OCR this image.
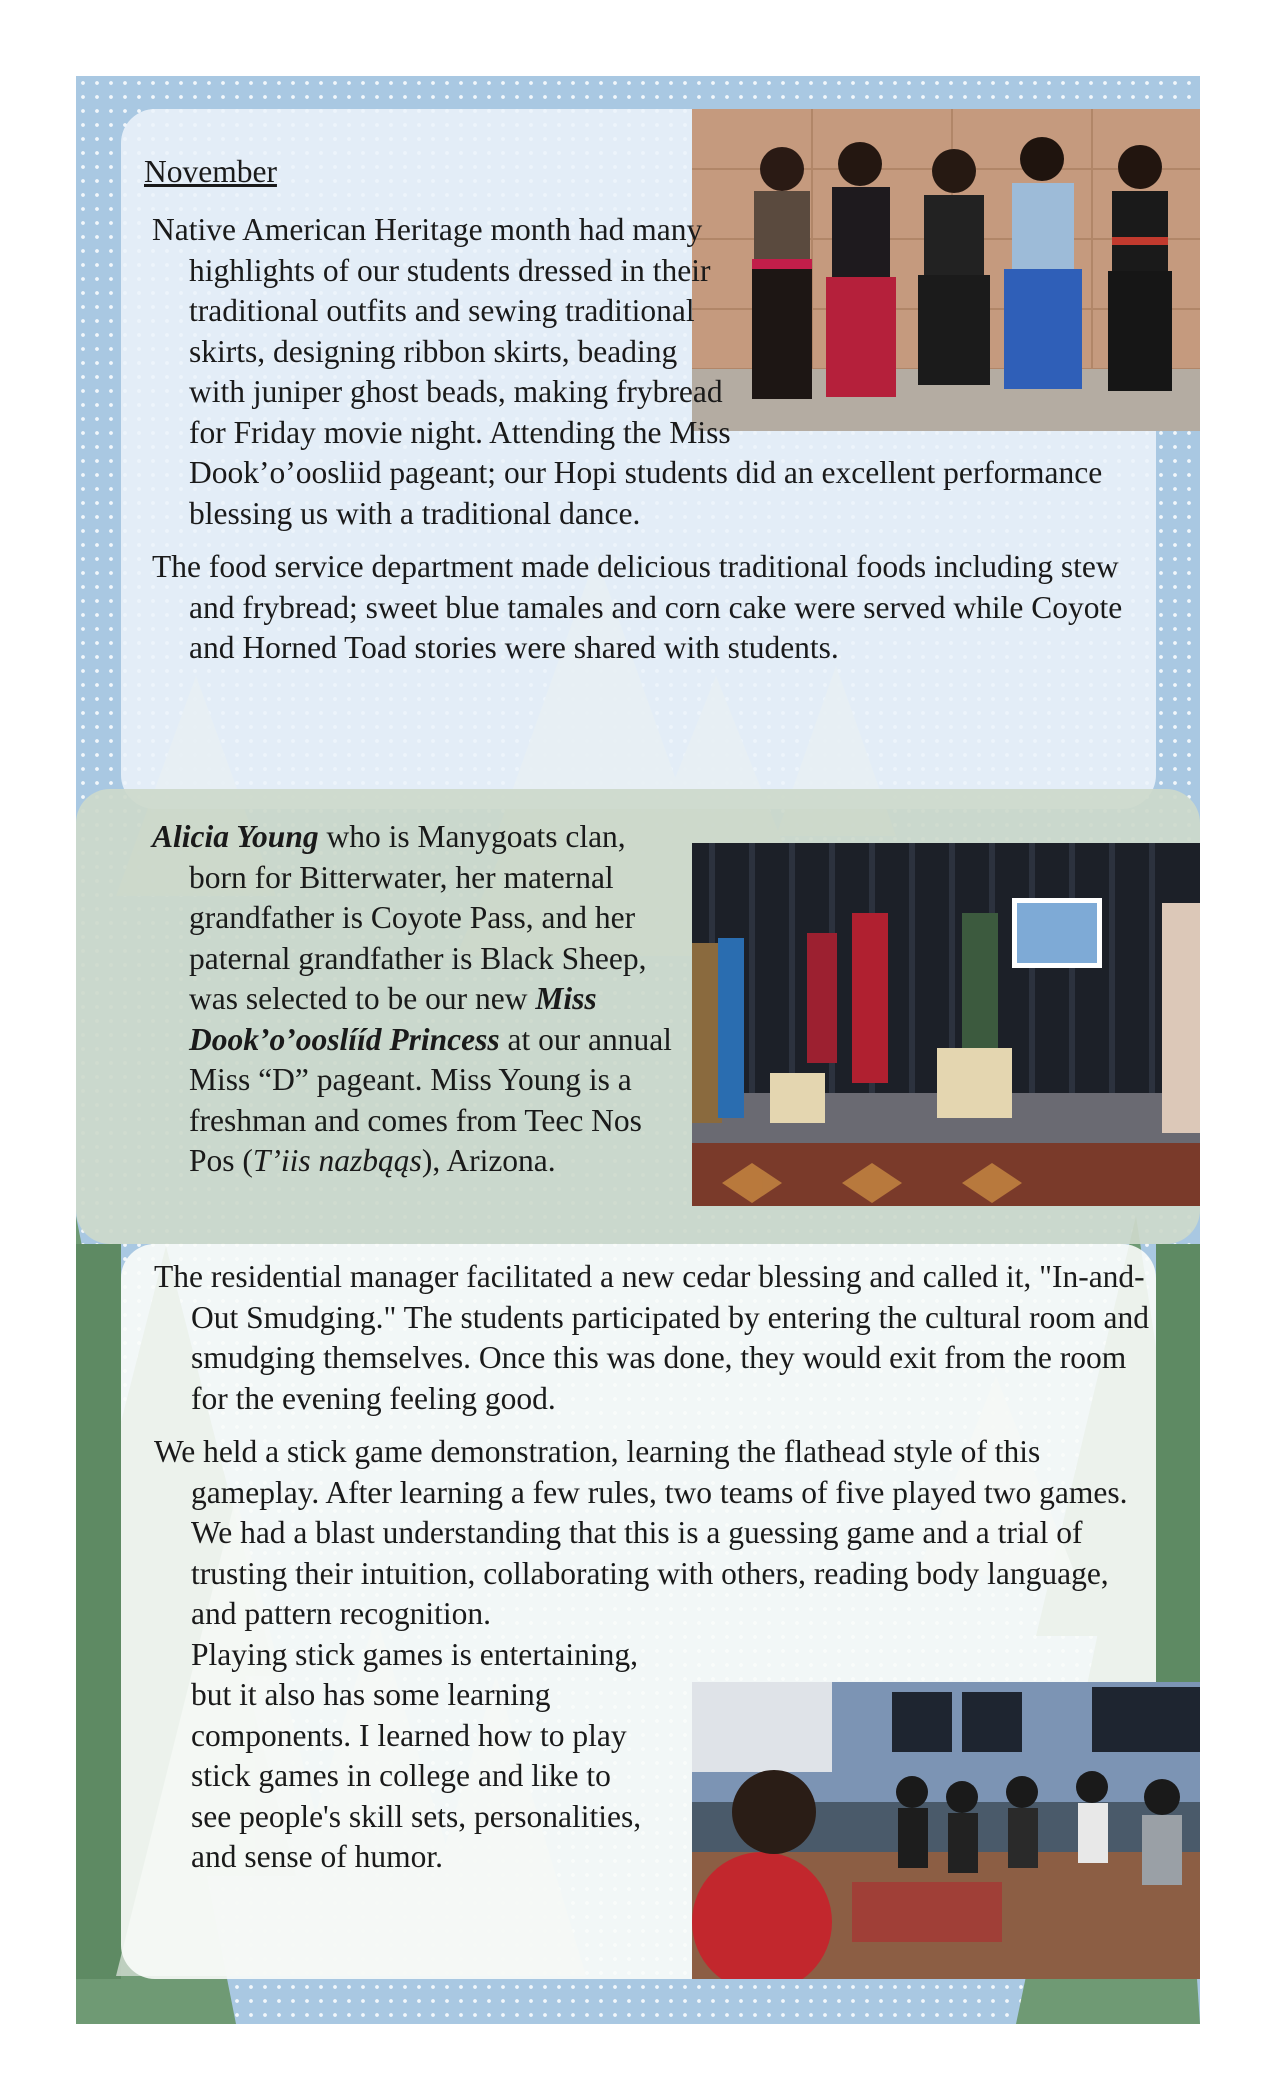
November

Native American Heritage month had many highlights of our students dressed in their traditional outfits and sewing traditional skirts, designing ribbon skirts, beading with juniper ghost beads, making frybread for Friday movie night. Attending the Miss Dook’o’oosliid pageant; our Hopi students did an excellent performance blessing us with a traditional dance.

The food service department made delicious traditional foods including stew and frybread; sweet blue tamales and corn cake were served while Coyote and Horned Toad stories were shared with students.

Alicia Young who is Manygoats clan, born for Bitterwater, her maternal grandfather is Coyote Pass, and her paternal grandfather is Black Sheep, was selected to be our new Miss Dook’o’ooslííd Princess at our annual Miss “D” pageant. Miss Young is a freshman and comes from Teec Nos Pos (T’iis nazbąąs), Arizona.

The residential manager facilitated a new cedar blessing and called it, "In-and-Out Smudging." The students participated by entering the cultural room and smudging themselves. Once this was done, they would exit from the room for the evening feeling good.

We held a stick game demonstration, learning the flathead style of this gameplay. After learning a few rules, two teams of five played two games. We had a blast understanding that this is a guessing game and a trial of trusting their intuition, collaborating with others, reading body language, and pattern recognition.

Playing stick games is entertaining, but it also has some learning components. I learned how to play stick games in college and like to see people's skill sets, personalities, and sense of humor.
